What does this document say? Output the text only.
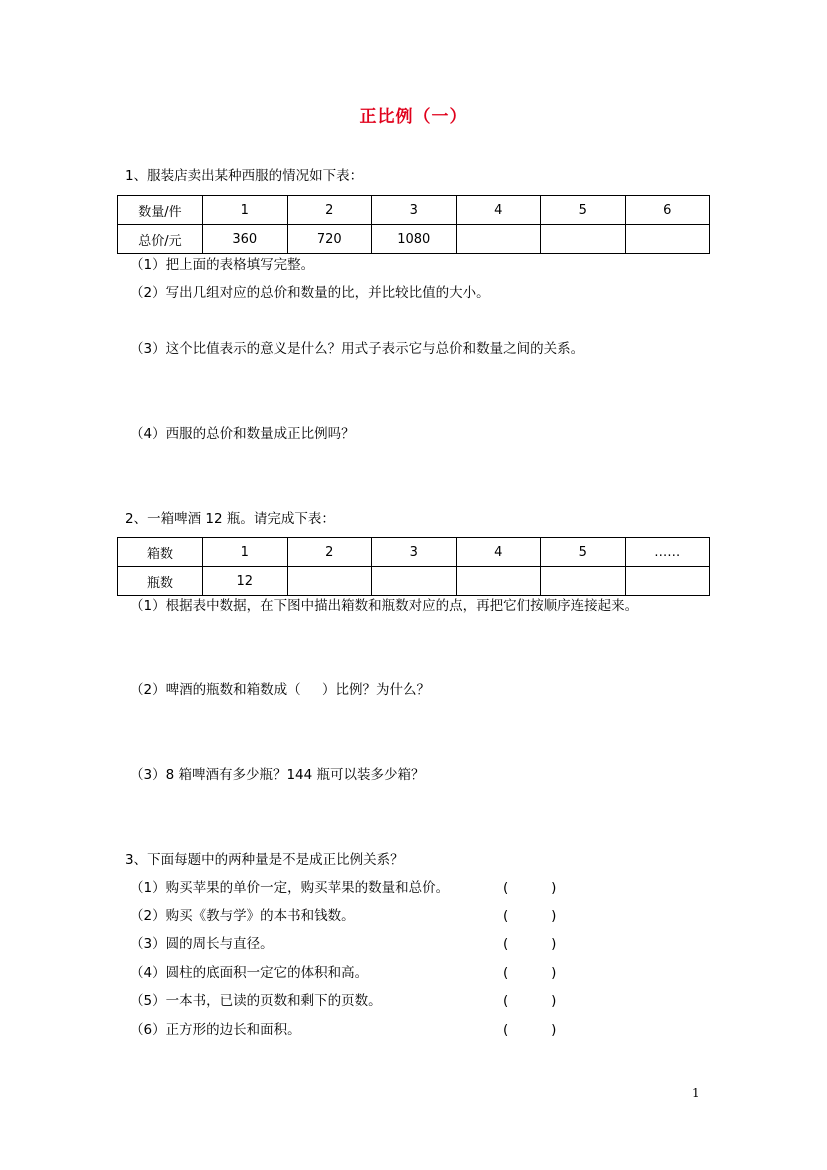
正比例（一）
1、服装店卖出某种西服的情况如下表：
数量/件	1	2	3	4	5	6
总价/元	360	720	1080			
（1）把上面的表格填写完整。
（2）写出几组对应的总价和数量的比，并比较比值的大小。
（3）这个比值表示的意义是什么？用式子表示它与总价和数量之间的关系。
（4）西服的总价和数量成正比例吗？
2、一箱啤酒 12 瓶。请完成下表：
箱数	1	2	3	4	5	……
瓶数	12					
（1）根据表中数据，在下图中描出箱数和瓶数对应的点，再把它们按顺序连接起来。
（2）啤酒的瓶数和箱数成（     ）比例？为什么？
（3）8 箱啤酒有多少瓶？144 瓶可以装多少箱？
3、下面每题中的两种量是不是成正比例关系？
（1）购买苹果的单价一定，购买苹果的数量和总价。	(          )
（2）购买《教与学》的本书和钱数。	(          )
（3）圆的周长与直径。	(          )
（4）圆柱的底面积一定它的体积和高。	(          )
（5）一本书，已读的页数和剩下的页数。	(          )
（6）正方形的边长和面积。	(          )
1
